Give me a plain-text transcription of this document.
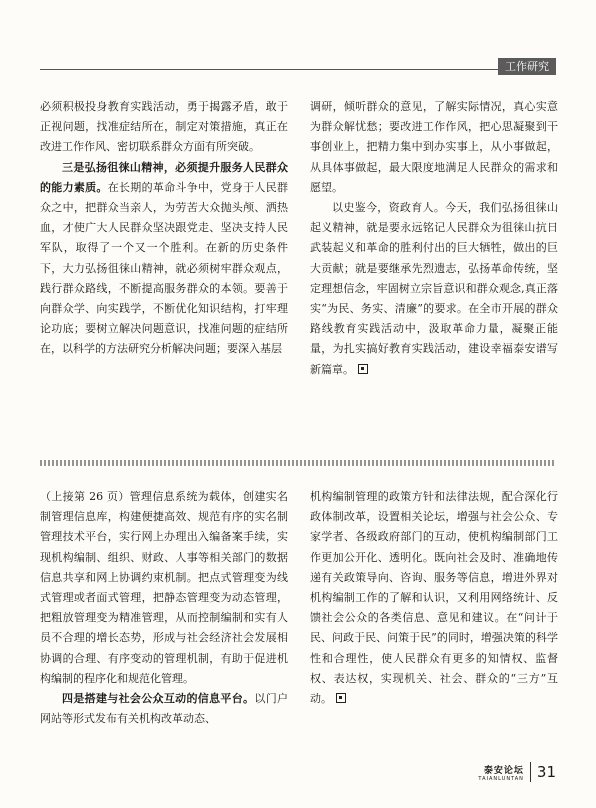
工作研究

必须积极投身教育实践活动，勇于揭露矛盾，敢于正视问题，找准症结所在，制定对策措施，真正在改进工作作风、密切联系群众方面有所突破。

三是弘扬徂徕山精神，必须提升服务人民群众的能力素质。在长期的革命斗争中，党身于人民群众之中，把群众当亲人，为劳苦大众抛头颅、洒热血，才使广大人民群众坚决跟党走、坚决支持人民军队，取得了一个又一个胜利。在新的历史条件下，大力弘扬徂徕山精神，就必须树牢群众观点，践行群众路线，不断提高服务群众的本领。要善于向群众学、向实践学，不断优化知识结构，打牢理论功底；要树立解决问题意识，找准问题的症结所在，以科学的方法研究分析解决问题；要深入基层

调研，倾听群众的意见，了解实际情况，真心实意为群众解忧愁；要改进工作作风，把心思凝聚到干事创业上，把精力集中到办实事上，从小事做起，从具体事做起，最大限度地满足人民群众的需求和愿望。

以史鉴今，资政育人。今天，我们弘扬徂徕山起义精神，就是要永远铭记人民群众为徂徕山抗日武装起义和革命的胜利付出的巨大牺牲，做出的巨大贡献；就是要继承先烈遗志，弘扬革命传统，坚定理想信念，牢固树立宗旨意识和群众观念,真正落实“为民、务实、清廉”的要求。在全市开展的群众路线教育实践活动中，汲取革命力量，凝聚正能量，为扎实搞好教育实践活动，建设幸福泰安谱写新篇章。

（上接第 26 页）管理信息系统为载体，创建实名制管理信息库，构建便捷高效、规范有序的实名制管理技术平台，实行网上办理出入编备案手续，实现机构编制、组织、财政、人事等相关部门的数据信息共享和网上协调约束机制。把点式管理变为线式管理或者面式管理，把静态管理变为动态管理，把粗放管理变为精准管理，从而控制编制和实有人员不合理的增长态势，形成与社会经济社会发展相协调的合理、有序变动的管理机制，有助于促进机构编制的程序化和规范化管理。

四是搭建与社会公众互动的信息平台。以门户网站等形式发布有关机构改革动态、

机构编制管理的政策方针和法律法规，配合深化行政体制改革，设置相关论坛，增强与社会公众、专家学者、各级政府部门的互动，使机构编制部门工作更加公开化、透明化。既向社会及时、准确地传递有关政策导向、咨询、服务等信息，增进外界对机构编制工作的了解和认识，又利用网络统计、反馈社会公众的各类信息、意见和建议。在“问计于民、问政于民、问策于民”的同时，增强决策的科学性和合理性，使人民群众有更多的知情权、监督权、表达权，实现机关、社会、群众的“三方”互动。

泰安论坛
TAIANLUNTAN 31
